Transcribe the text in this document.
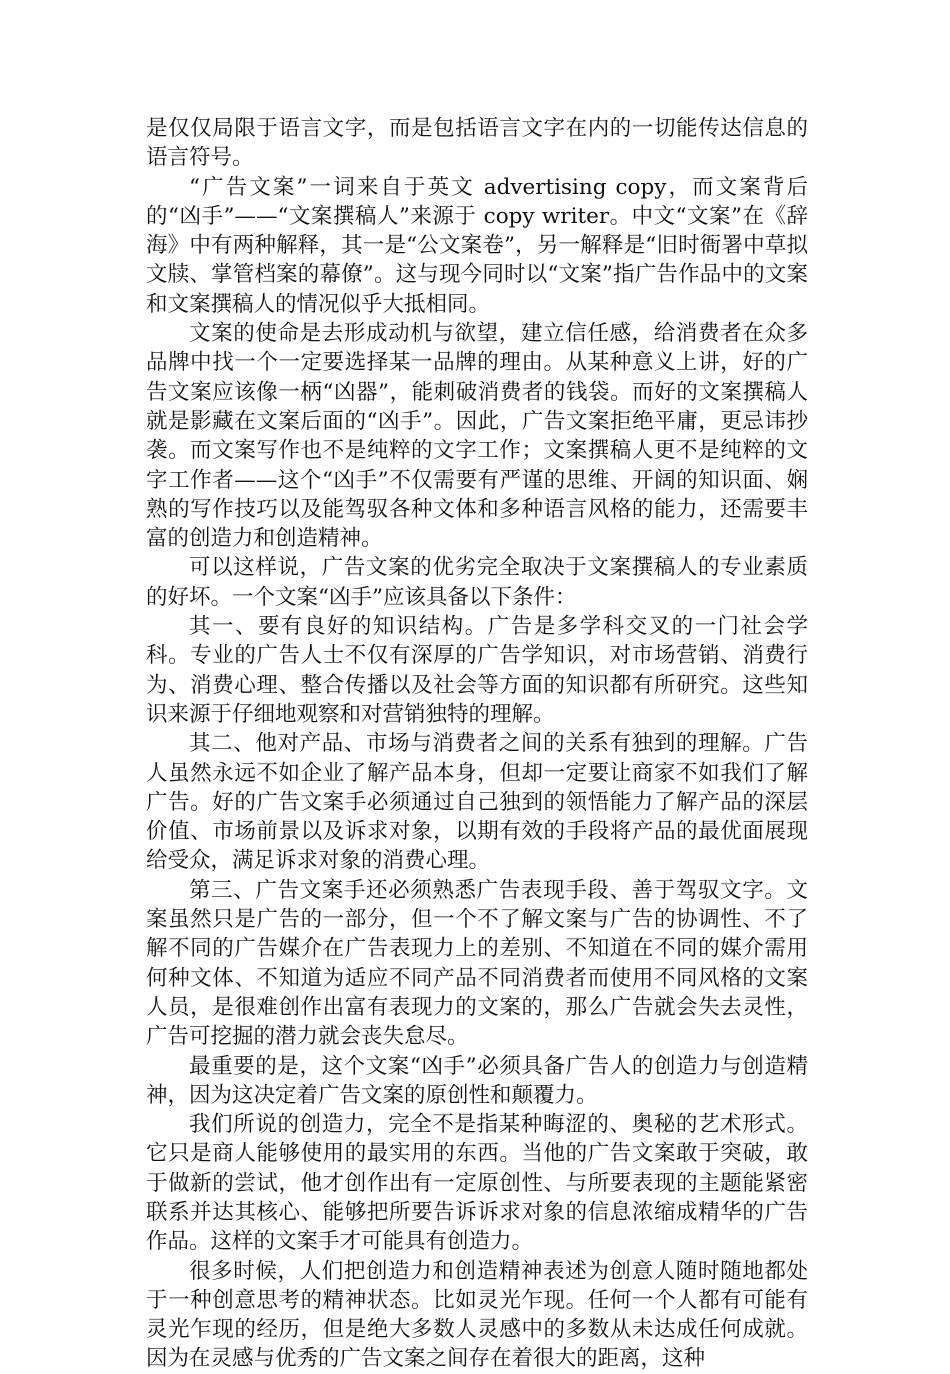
是仅仅局限于语言文字，而是包括语言文字在内的一切能传达信息的语言符号。

“广告文案”一词来自于英文 advertising copy，而文案背后的“凶手”——“文案撰稿人”来源于 copy writer。中文“文案”在《辞海》中有两种解释，其一是“公文案卷”，另一解释是“旧时衙署中草拟文牍、掌管档案的幕僚”。这与现今同时以“文案”指广告作品中的文案和文案撰稿人的情况似乎大抵相同。

文案的使命是去形成动机与欲望，建立信任感，给消费者在众多品牌中找一个一定要选择某一品牌的理由。从某种意义上讲，好的广告文案应该像一柄“凶器”，能刺破消费者的钱袋。而好的文案撰稿人就是影藏在文案后面的“凶手”。因此，广告文案拒绝平庸，更忌讳抄袭。而文案写作也不是纯粹的文字工作；文案撰稿人更不是纯粹的文字工作者——这个“凶手”不仅需要有严谨的思维、开阔的知识面、娴熟的写作技巧以及能驾驭各种文体和多种语言风格的能力，还需要丰富的创造力和创造精神。

可以这样说，广告文案的优劣完全取决于文案撰稿人的专业素质的好坏。一个文案“凶手”应该具备以下条件：

其一、要有良好的知识结构。广告是多学科交叉的一门社会学科。专业的广告人士不仅有深厚的广告学知识，对市场营销、消费行为、消费心理、整合传播以及社会等方面的知识都有所研究。这些知识来源于仔细地观察和对营销独特的理解。

其二、他对产品、市场与消费者之间的关系有独到的理解。广告人虽然永远不如企业了解产品本身，但却一定要让商家不如我们了解广告。好的广告文案手必须通过自己独到的领悟能力了解产品的深层价值、市场前景以及诉求对象，以期有效的手段将产品的最优面展现给受众，满足诉求对象的消费心理。

第三、广告文案手还必须熟悉广告表现手段、善于驾驭文字。文案虽然只是广告的一部分，但一个不了解文案与广告的协调性、不了解不同的广告媒介在广告表现力上的差别、不知道在不同的媒介需用何种文体、不知道为适应不同产品不同消费者而使用不同风格的文案人员，是很难创作出富有表现力的文案的，那么广告就会失去灵性，广告可挖掘的潜力就会丧失怠尽。

最重要的是，这个文案“凶手”必须具备广告人的创造力与创造精神，因为这决定着广告文案的原创性和颠覆力。

我们所说的创造力，完全不是指某种晦涩的、奥秘的艺术形式。它只是商人能够使用的最实用的东西。当他的广告文案敢于突破，敢于做新的尝试，他才创作出有一定原创性、与所要表现的主题能紧密联系并达其核心、能够把所要告诉诉求对象的信息浓缩成精华的广告作品。这样的文案手才可能具有创造力。

很多时候，人们把创造力和创造精神表述为创意人随时随地都处于一种创意思考的精神状态。比如灵光乍现。任何一个人都有可能有灵光乍现的经历，但是绝大多数人灵感中的多数从未达成任何成就。因为在灵感与优秀的广告文案之间存在着很大的距离，这种
